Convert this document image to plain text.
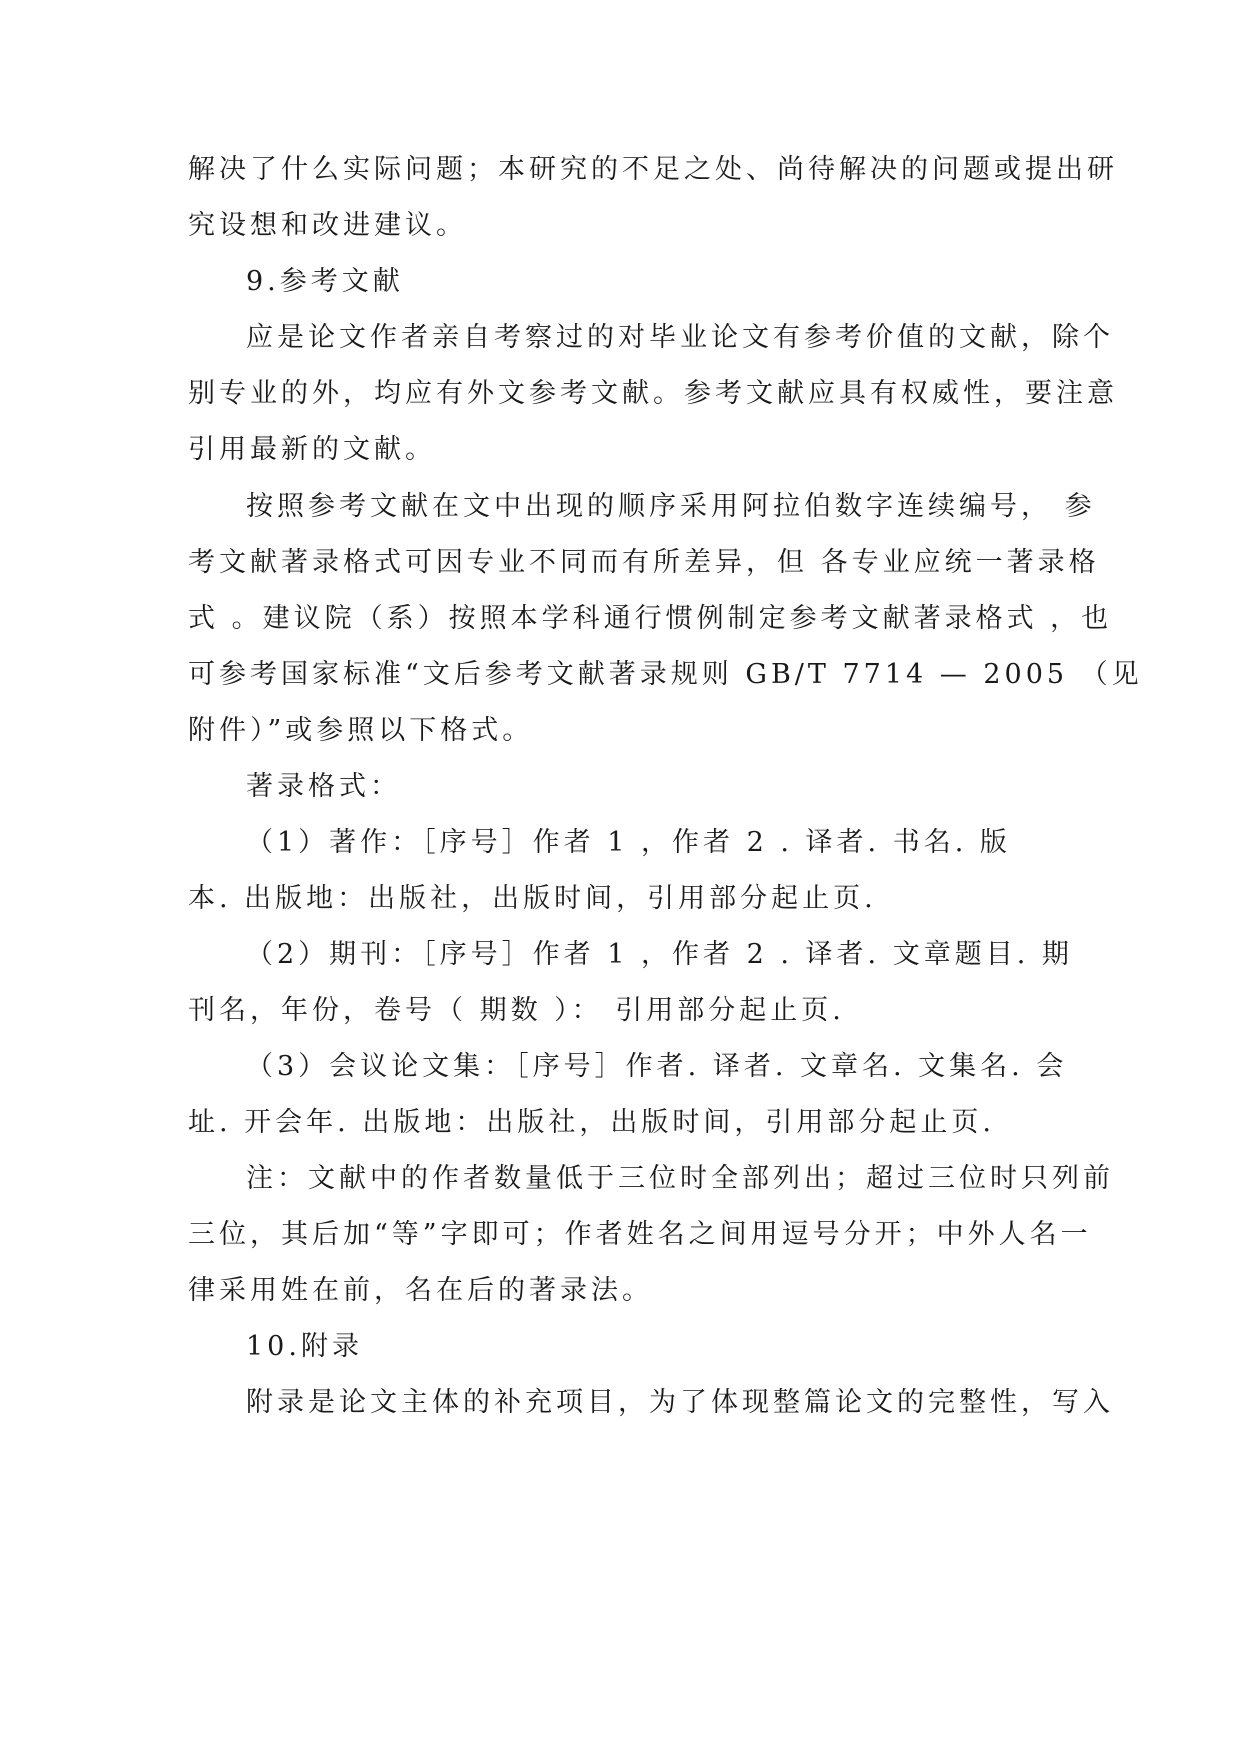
解决了什么实际问题；本研究的不足之处、尚待解决的问题或提出研
究设想和改进建议。
9.参考文献
应是论文作者亲自考察过的对毕业论文有参考价值的文献，除个
别专业的外，均应有外文参考文献。参考文献应具有权威性，要注意
引用最新的文献。
按照参考文献在文中出现的顺序采用阿拉伯数字连续编号， 参
考文献著录格式可因专业不同而有所差异，但 各专业应统一著录格
式 。建议院（系）按照本学科通行惯例制定参考文献著录格式 ，也
可参考国家标准“文后参考文献著录规则 GB/T 7714 — 2005 （见
附件）”或参照以下格式。
著录格式：
（1）著作：［序号］作者 1 ，作者 2 . 译者. 书名. 版
本. 出版地：出版社，出版时间，引用部分起止页.
（2）期刊：［序号］作者 1 ，作者 2 . 译者. 文章题目. 期
刊名，年份，卷号（ 期数 ）： 引用部分起止页.
（3）会议论文集：［序号］作者. 译者. 文章名. 文集名. 会
址. 开会年. 出版地：出版社，出版时间，引用部分起止页.
注：文献中的作者数量低于三位时全部列出；超过三位时只列前
三位，其后加“等”字即可；作者姓名之间用逗号分开；中外人名一
律采用姓在前，名在后的著录法。
10.附录
附录是论文主体的补充项目，为了体现整篇论文的完整性，写入
